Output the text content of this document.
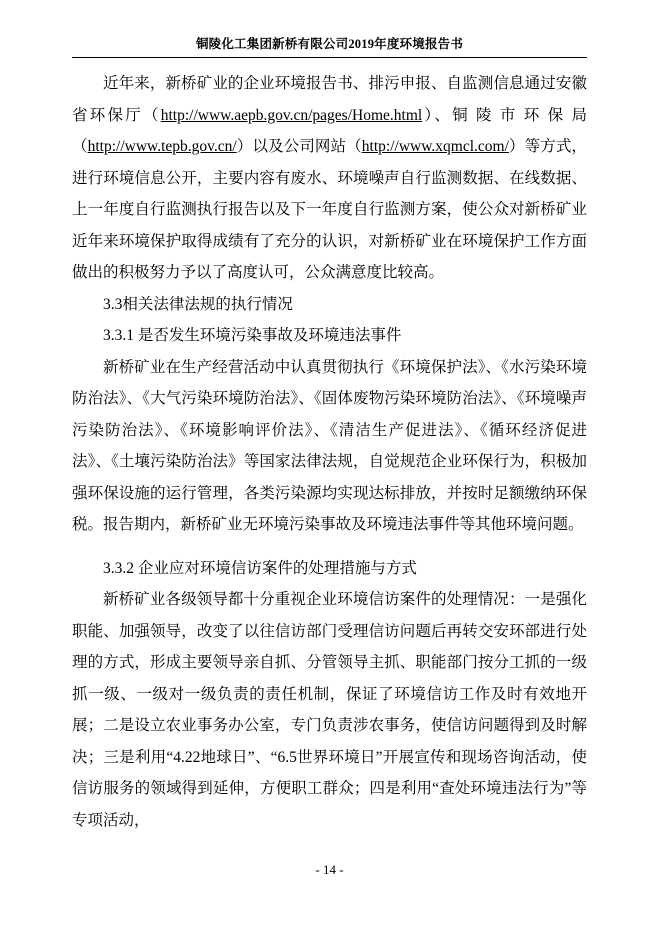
铜陵化工集团新桥有限公司2019年度环境报告书

近年来，新桥矿业的企业环境报告书、排污申报、自监测信息通过安徽省环保厅（http://www.aepb.gov.cn/pages/Home.html）、铜 陵 市 环 保 局 （http://www.tepb.gov.cn/）以及公司网站（http://www.xqmcl.com/）等方式，进行环境信息公开，主要内容有废水、环境噪声自行监测数据、在线数据、上一年度自行监测执行报告以及下一年度自行监测方案，使公众对新桥矿业近年来环境保护取得成绩有了充分的认识，对新桥矿业在环境保护工作方面做出的积极努力予以了高度认可，公众满意度比较高。

3.3相关法律法规的执行情况

3.3.1 是否发生环境污染事故及环境违法事件

新桥矿业在生产经营活动中认真贯彻执行《环境保护法》、《水污染环境防治法》、《大气污染环境防治法》、《固体废物污染环境防治法》、《环境噪声污染防治法》、《环境影响评价法》、《清洁生产促进法》、《循环经济促进法》、《土壤污染防治法》等国家法律法规，自觉规范企业环保行为，积极加强环保设施的运行管理，各类污染源均实现达标排放，并按时足额缴纳环保税。报告期内，新桥矿业无环境污染事故及环境违法事件等其他环境问题。

3.3.2 企业应对环境信访案件的处理措施与方式

新桥矿业各级领导都十分重视企业环境信访案件的处理情况：一是强化职能、加强领导，改变了以往信访部门受理信访问题后再转交安环部进行处理的方式，形成主要领导亲自抓、分管领导主抓、职能部门按分工抓的一级抓一级、一级对一级负责的责任机制，保证了环境信访工作及时有效地开展；二是设立农业事务办公室，专门负责涉农事务，使信访问题得到及时解决；三是利用“4.22地球日”、“6.5世界环境日”开展宣传和现场咨询活动，使信访服务的领域得到延伸，方便职工群众；四是利用“查处环境违法行为”等专项活动，

- 14 -
